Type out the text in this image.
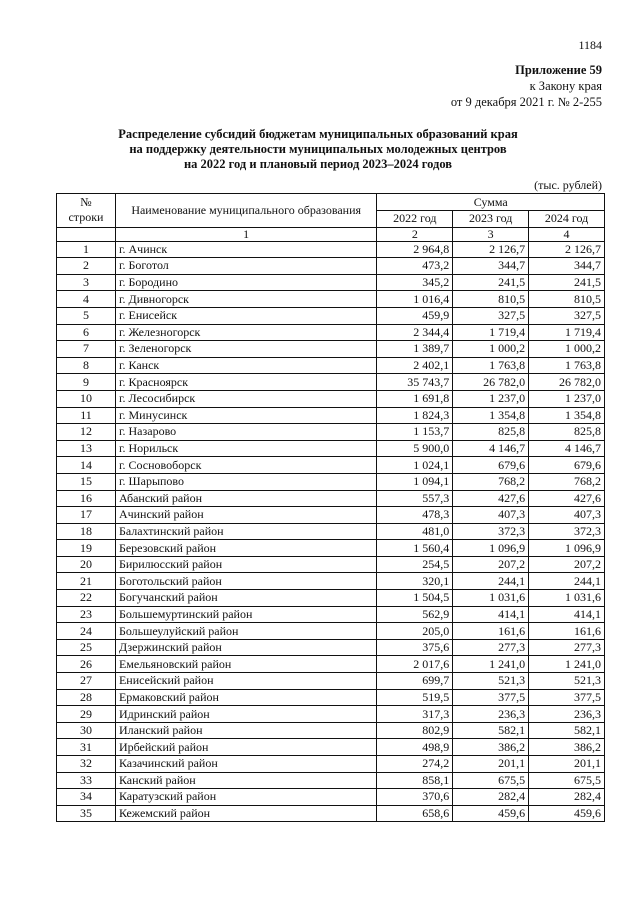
1184
Приложение 59
к Закону края
от 9 декабря 2021 г. № 2-255
Распределение субсидий бюджетам муниципальных образований края
на поддержку деятельности муниципальных молодежных центров
на 2022 год и плановый период 2023–2024 годов
(тыс. рублей)
№
строки	Наименование муниципального образования	Сумма		
		2022 год	2023 год	2024 год
	1	2	3	4
1	г. Ачинск	2 964,8	2 126,7	2 126,7
2	г. Боготол	473,2	344,7	344,7
3	г. Бородино	345,2	241,5	241,5
4	г. Дивногорск	1 016,4	810,5	810,5
5	г. Енисейск	459,9	327,5	327,5
6	г. Железногорск	2 344,4	1 719,4	1 719,4
7	г. Зеленогорск	1 389,7	1 000,2	1 000,2
8	г. Канск	2 402,1	1 763,8	1 763,8
9	г. Красноярск	35 743,7	26 782,0	26 782,0
10	г. Лесосибирск	1 691,8	1 237,0	1 237,0
11	г. Минусинск	1 824,3	1 354,8	1 354,8
12	г. Назарово	1 153,7	825,8	825,8
13	г. Норильск	5 900,0	4 146,7	4 146,7
14	г. Сосновоборск	1 024,1	679,6	679,6
15	г. Шарыпово	1 094,1	768,2	768,2
16	Абанский район	557,3	427,6	427,6
17	Ачинский район	478,3	407,3	407,3
18	Балахтинский район	481,0	372,3	372,3
19	Березовский район	1 560,4	1 096,9	1 096,9
20	Бирилюсский район	254,5	207,2	207,2
21	Боготольский район	320,1	244,1	244,1
22	Богучанский район	1 504,5	1 031,6	1 031,6
23	Большемуртинский район	562,9	414,1	414,1
24	Большеулуйский район	205,0	161,6	161,6
25	Дзержинский район	375,6	277,3	277,3
26	Емельяновский район	2 017,6	1 241,0	1 241,0
27	Енисейский район	699,7	521,3	521,3
28	Ермаковский район	519,5	377,5	377,5
29	Идринский район	317,3	236,3	236,3
30	Иланский район	802,9	582,1	582,1
31	Ирбейский район	498,9	386,2	386,2
32	Казачинский район	274,2	201,1	201,1
33	Канский район	858,1	675,5	675,5
34	Каратузский район	370,6	282,4	282,4
35	Кежемский район	658,6	459,6	459,6
